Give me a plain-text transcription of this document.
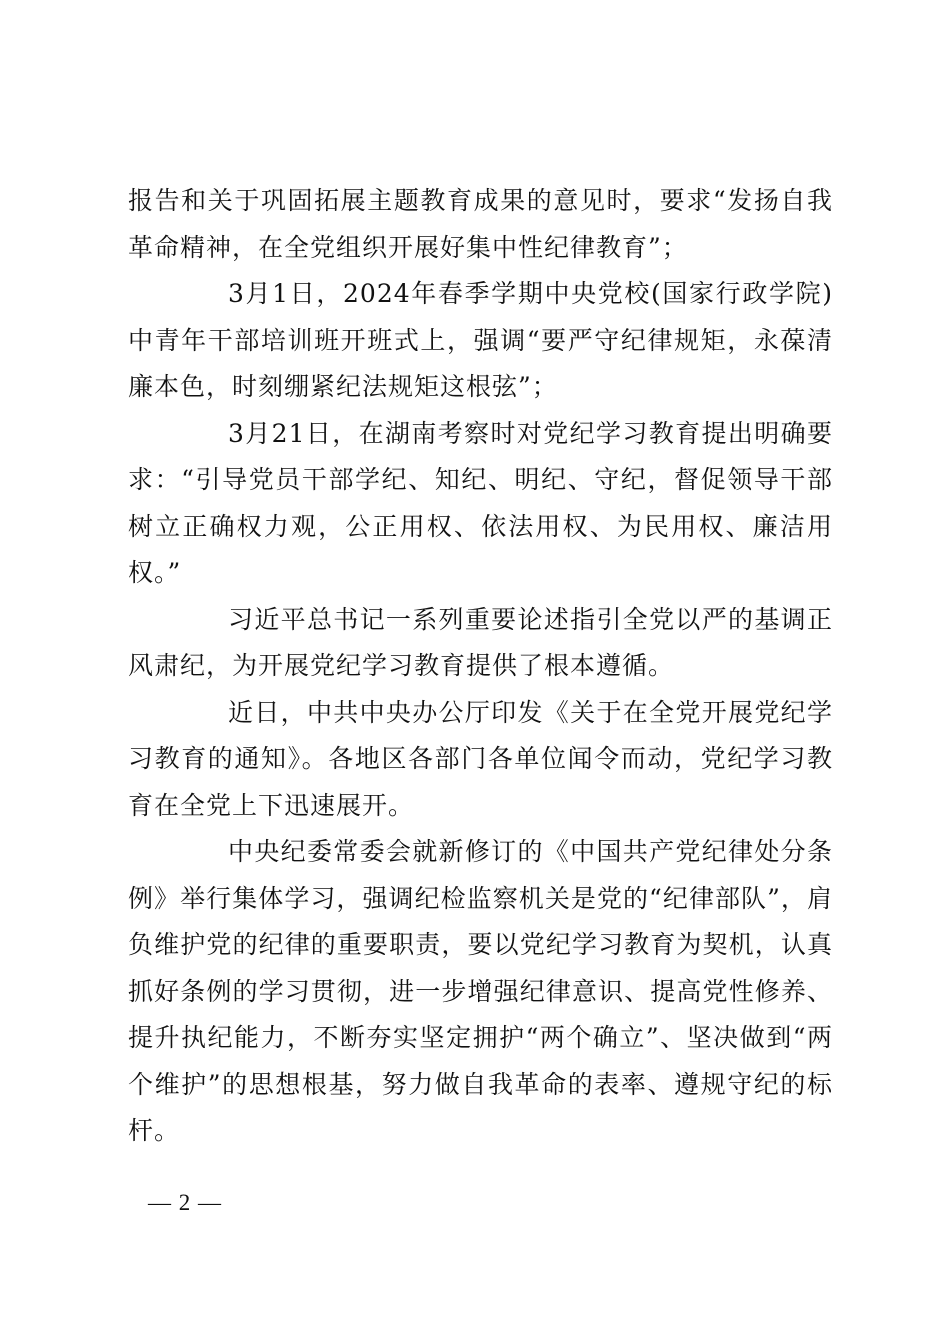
报告和关于巩固拓展主题教育成果的意见时，要求“发扬自我革命精神，在全党组织开展好集中性纪律教育”；

3月1日，2024年春季学期中央党校(国家行政学院)中青年干部培训班开班式上，强调“要严守纪律规矩，永葆清廉本色，时刻绷紧纪法规矩这根弦”；

3月21日，在湖南考察时对党纪学习教育提出明确要求：“引导党员干部学纪、知纪、明纪、守纪，督促领导干部树立正确权力观，公正用权、依法用权、为民用权、廉洁用权。”

习近平总书记一系列重要论述指引全党以严的基调正风肃纪，为开展党纪学习教育提供了根本遵循。

近日，中共中央办公厅印发《关于在全党开展党纪学习教育的通知》。各地区各部门各单位闻令而动，党纪学习教育在全党上下迅速展开。

中央纪委常委会就新修订的《中国共产党纪律处分条例》举行集体学习，强调纪检监察机关是党的“纪律部队”，肩负维护党的纪律的重要职责，要以党纪学习教育为契机，认真抓好条例的学习贯彻，进一步增强纪律意识、提高党性修养、提升执纪能力，不断夯实坚定拥护“两个确立”、坚决做到“两个维护”的思想根基，努力做自我革命的表率、遵规守纪的标杆。

— 2 —
